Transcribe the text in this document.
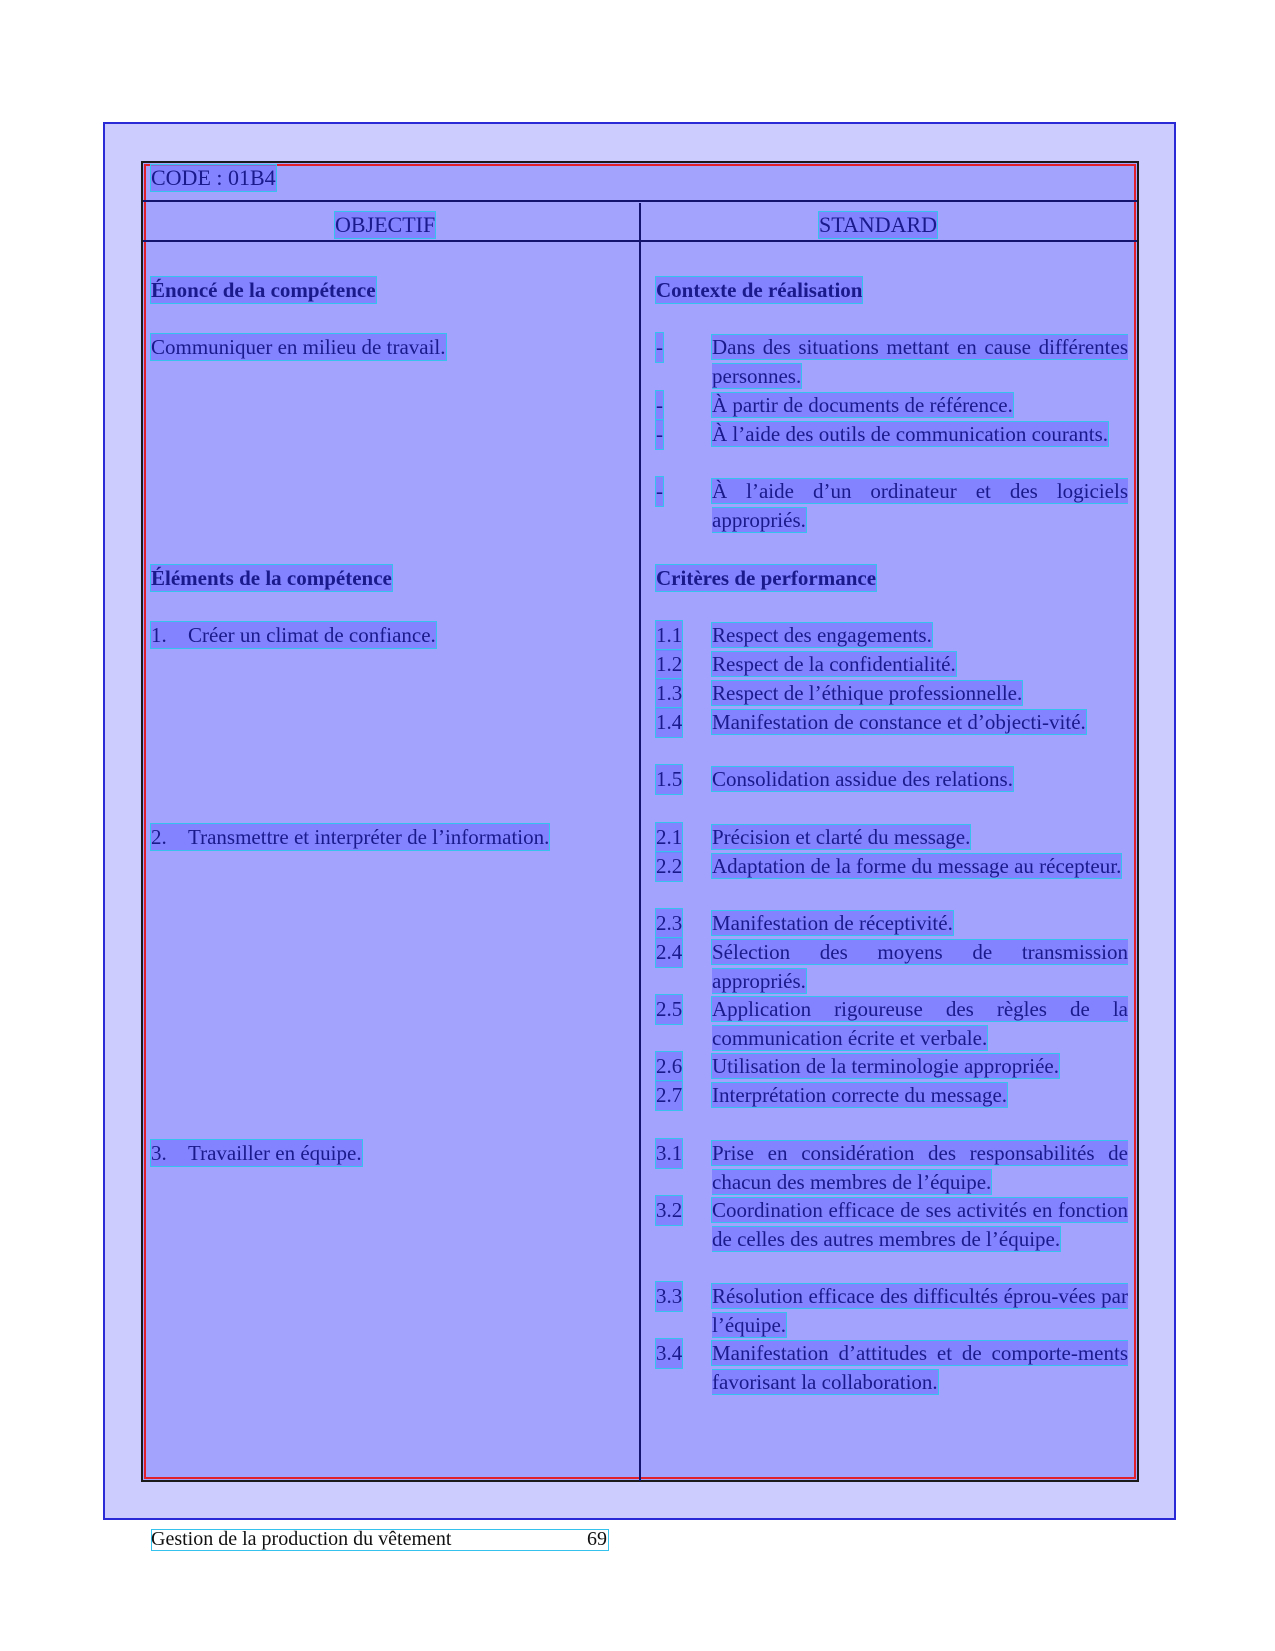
CODE : 01B4
OBJECTIF	STANDARD
Énoncé de la compétence
Communiquer en milieu de travail.
Éléments de la compétence
1. Créer un climat de confiance.
2. Transmettre et interpréter de l’information.
3. Travailler en équipe.
Contexte de réalisation
- Dans des situations mettant en cause différentes personnes.
- À partir de documents de référence.
- À l’aide des outils de communication courants.
- À l’aide d’un ordinateur et des logiciels appropriés.
Critères de performance
1.1 Respect des engagements.
1.2 Respect de la confidentialité.
1.3 Respect de l’éthique professionnelle.
1.4 Manifestation de constance et d’objecti-vité.
1.5 Consolidation assidue des relations.
2.1 Précision et clarté du message.
2.2 Adaptation de la forme du message au récepteur.
2.3 Manifestation de réceptivité.
2.4 Sélection des moyens de transmission appropriés.
2.5 Application rigoureuse des règles de la communication écrite et verbale.
2.6 Utilisation de la terminologie appropriée.
2.7 Interprétation correcte du message.
3.1 Prise en considération des responsabilités de chacun des membres de l’équipe.
3.2 Coordination efficace de ses activités en fonction de celles des autres membres de l’équipe.
3.3 Résolution efficace des difficultés éprou-vées par l’équipe.
3.4 Manifestation d’attitudes et de comporte-ments favorisant la collaboration.
Gestion de la production du vêtement	69
